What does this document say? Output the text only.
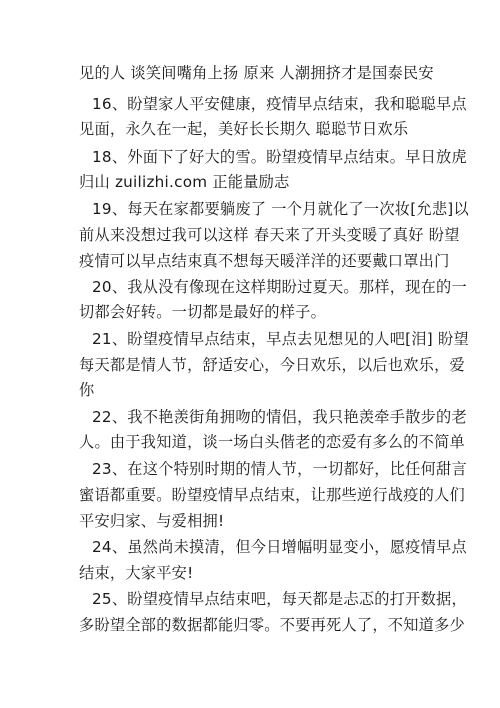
见的人 谈笑间嘴角上扬 原来 人潮拥挤才是国泰民安
16、盼望家人平安健康，疫情早点结束，我和聪聪早点
见面，永久在一起，美好长长期久 聪聪节日欢乐
18、外面下了好大的雪。盼望疫情早点结束。早日放虎
归山 zuilizhi.com 正能量励志
19、每天在家都要躺废了 一个月就化了一次妆[允悲]以
前从来没想过我可以这样 春天来了开头变暖了真好 盼望
疫情可以早点结束真不想每天暖洋洋的还要戴口罩出门
20、我从没有像现在这样期盼过夏天。那样，现在的一
切都会好转。一切都是最好的样子。
21、盼望疫情早点结束，早点去见想见的人吧[泪] 盼望
每天都是情人节，舒适安心，今日欢乐，以后也欢乐，爱
你
22、我不艳羡街角拥吻的情侣，我只艳羡牵手散步的老
人。由于我知道，谈一场白头偕老的恋爱有多么的不简单
23、在这个特别时期的情人节，一切都好，比任何甜言
蜜语都重要。盼望疫情早点结束，让那些逆行战疫的人们
平安归家、与爱相拥!
24、虽然尚未摸清，但今日增幅明显变小，愿疫情早点
结束，大家平安!
25、盼望疫情早点结束吧，每天都是忐忑的打开数据，
多盼望全部的数据都能归零。不要再死人了，不知道多少
